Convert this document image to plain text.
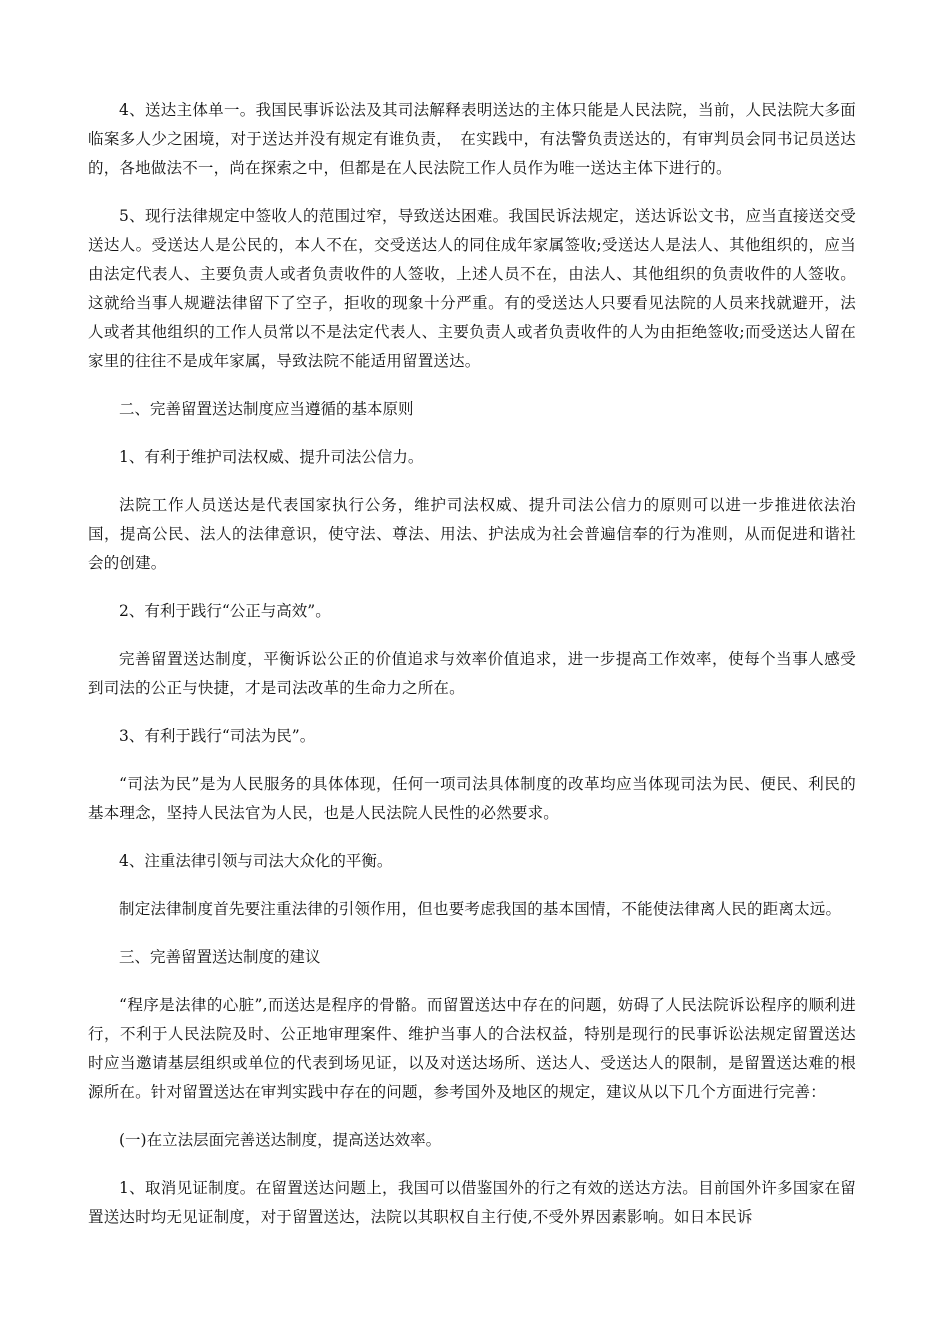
4、送达主体单一。我国民事诉讼法及其司法解释表明送达的主体只能是人民法院，当前，人民法院大多面临案多人少之困境，对于送达并没有规定有谁负责，　在实践中，有法警负责送达的，有审判员会同书记员送达的，各地做法不一，尚在探索之中，但都是在人民法院工作人员作为唯一送达主体下进行的。

5、现行法律规定中签收人的范围过窄，导致送达困难。我国民诉法规定，送达诉讼文书，应当直接送交受送达人。受送达人是公民的，本人不在，交受送达人的同住成年家属签收;受送达人是法人、其他组织的，应当由法定代表人、主要负责人或者负责收件的人签收，上述人员不在，由法人、其他组织的负责收件的人签收。这就给当事人规避法律留下了空子，拒收的现象十分严重。有的受送达人只要看见法院的人员来找就避开，法人或者其他组织的工作人员常以不是法定代表人、主要负责人或者负责收件的人为由拒绝签收;而受送达人留在家里的往往不是成年家属，导致法院不能适用留置送达。

二、完善留置送达制度应当遵循的基本原则

1、有利于维护司法权威、提升司法公信力。

法院工作人员送达是代表国家执行公务，维护司法权威、提升司法公信力的原则可以进一步推进依法治国，提高公民、法人的法律意识，使守法、尊法、用法、护法成为社会普遍信奉的行为准则，从而促进和谐社会的创建。

2、有利于践行“公正与高效”。

完善留置送达制度，平衡诉讼公正的价值追求与效率价值追求，进一步提高工作效率，使每个当事人感受到司法的公正与快捷，才是司法改革的生命力之所在。

3、有利于践行“司法为民”。

“司法为民”是为人民服务的具体体现，任何一项司法具体制度的改革均应当体现司法为民、便民、利民的基本理念，坚持人民法官为人民，也是人民法院人民性的必然要求。

4、注重法律引领与司法大众化的平衡。

制定法律制度首先要注重法律的引领作用，但也要考虑我国的基本国情，不能使法律离人民的距离太远。

三、完善留置送达制度的建议

“程序是法律的心脏”,而送达是程序的骨骼。而留置送达中存在的问题，妨碍了人民法院诉讼程序的顺利进行，不利于人民法院及时、公正地审理案件、维护当事人的合法权益，特别是现行的民事诉讼法规定留置送达时应当邀请基层组织或单位的代表到场见证，以及对送达场所、送达人、受送达人的限制，是留置送达难的根源所在。针对留置送达在审判实践中存在的问题，参考国外及地区的规定，建议从以下几个方面进行完善：

(一)在立法层面完善送达制度，提高送达效率。

1、取消见证制度。在留置送达问题上，我国可以借鉴国外的行之有效的送达方法。目前国外许多国家在留置送达时均无见证制度，对于留置送达，法院以其职权自主行使,不受外界因素影响。如日本民诉
